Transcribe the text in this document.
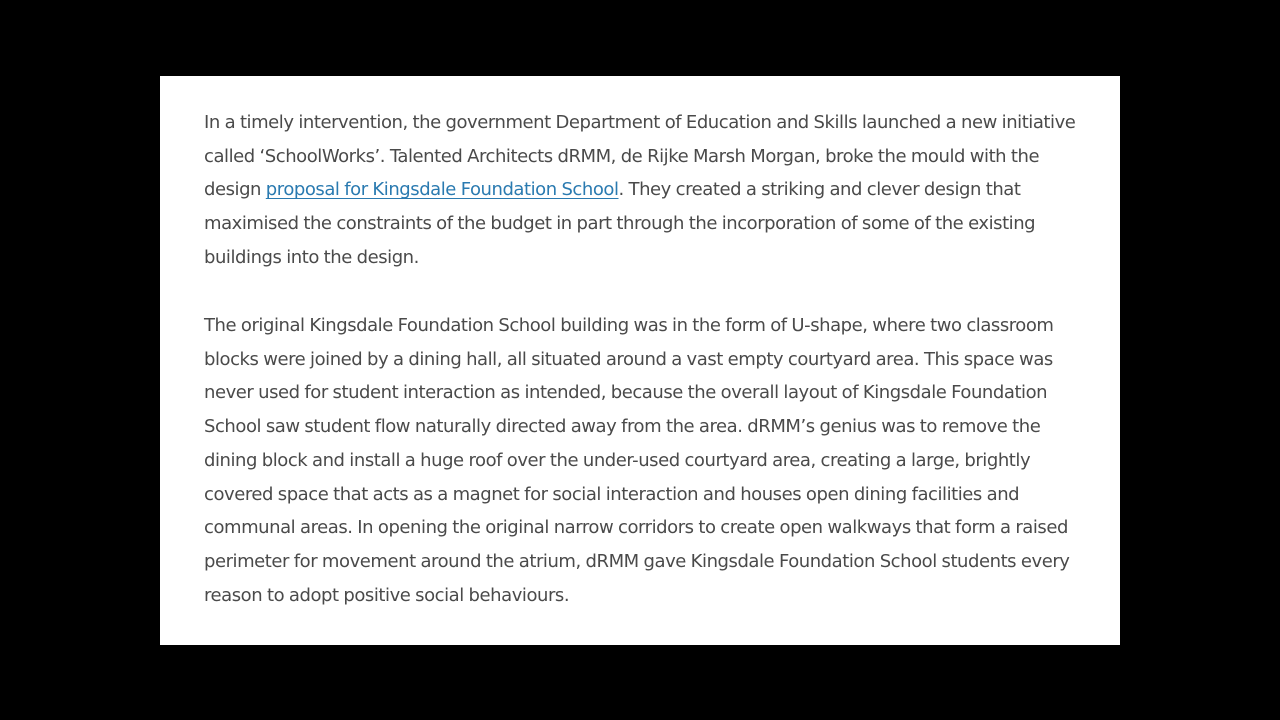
In a timely intervention, the government Department of Education and Skills launched a new initiative called ‘SchoolWorks’. Talented Architects dRMM, de Rijke Marsh Morgan, broke the mould with the design proposal for Kingsdale Foundation School. They created a striking and clever design that maximised the constraints of the budget in part through the incorporation of some of the existing buildings into the design.

The original Kingsdale Foundation School building was in the form of U-shape, where two classroom blocks were joined by a dining hall, all situated around a vast empty courtyard area. This space was never used for student interaction as intended, because the overall layout of Kingsdale Foundation School saw student flow naturally directed away from the area. dRMM’s genius was to remove the dining block and install a huge roof over the under-used courtyard area, creating a large, brightly covered space that acts as a magnet for social interaction and houses open dining facilities and communal areas. In opening the original narrow corridors to create open walkways that form a raised perimeter for movement around the atrium, dRMM gave Kingsdale Foundation School students every reason to adopt positive social behaviours.
